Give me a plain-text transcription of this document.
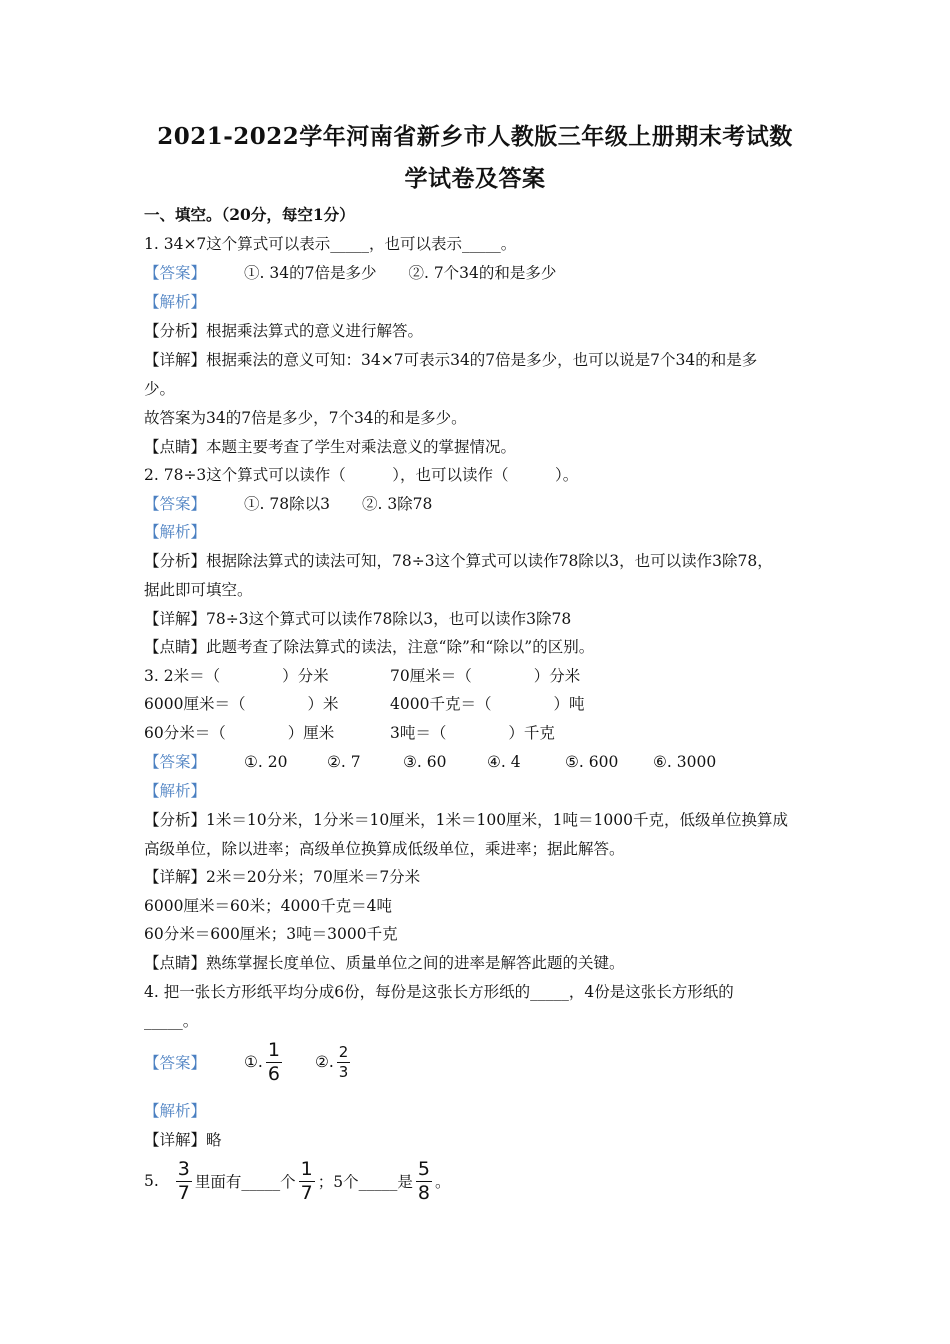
2021-2022学年河南省新乡市人教版三年级上册期末考试数
学试卷及答案
一、填空。（20分，每空1分）
1. 34×7这个算式可以表示_____，也可以表示_____。
【答案】 ①. 34的7倍是多少 ②. 7个34的和是多少
【解析】
【分析】根据乘法算式的意义进行解答。
【详解】根据乘法的意义可知：34×7可表示34的7倍是多少，也可以说是7个34的和是多
少。
故答案为34的7倍是多少，7个34的和是多少。
【点睛】本题主要考查了学生对乘法意义的掌握情况。
2. 78÷3这个算式可以读作（　　　），也可以读作（　　　）。
【答案】 ①. 78除以3 ②. 3除78
【解析】
【分析】根据除法算式的读法可知，78÷3这个算式可以读作78除以3，也可以读作3除78，
据此即可填空。
【详解】78÷3这个算式可以读作78除以3，也可以读作3除78
【点睛】此题考查了除法算式的读法，注意“除”和“除以”的区别。
3. 2米＝（　　　　）分米	70厘米＝（　　　　）分米
6000厘米＝（　　　　）米	4000千克＝（　　　　）吨
60分米＝（　　　　）厘米	3吨＝（　　　　）千克
【答案】 ①. 20	②. 7	③. 60	④. 4	⑤. 600 ⑥. 3000
【解析】
【分析】1米＝10分米，1分米＝10厘米，1米＝100厘米，1吨＝1000千克，低级单位换算成
高级单位，除以进率；高级单位换算成低级单位，乘进率；据此解答。
【详解】2米＝20分米；70厘米＝7分米
6000厘米＝60米；4000千克＝4吨
60分米＝600厘米；3吨＝3000千克
【点睛】熟练掌握长度单位、质量单位之间的进率是解答此题的关键。
4. 把一张长方形纸平均分成6份，每份是这张长方形纸的_____，4份是这张长方形纸的
_____。
【答案】 ①. $\frac{1}{6}$ ②. $\frac{2}{3}$
【解析】
【详解】略
5. $\frac{3}{7}$ 里面有_____个 $\frac{1}{7}$ ；5个_____是 $\frac{5}{8}$ 。
